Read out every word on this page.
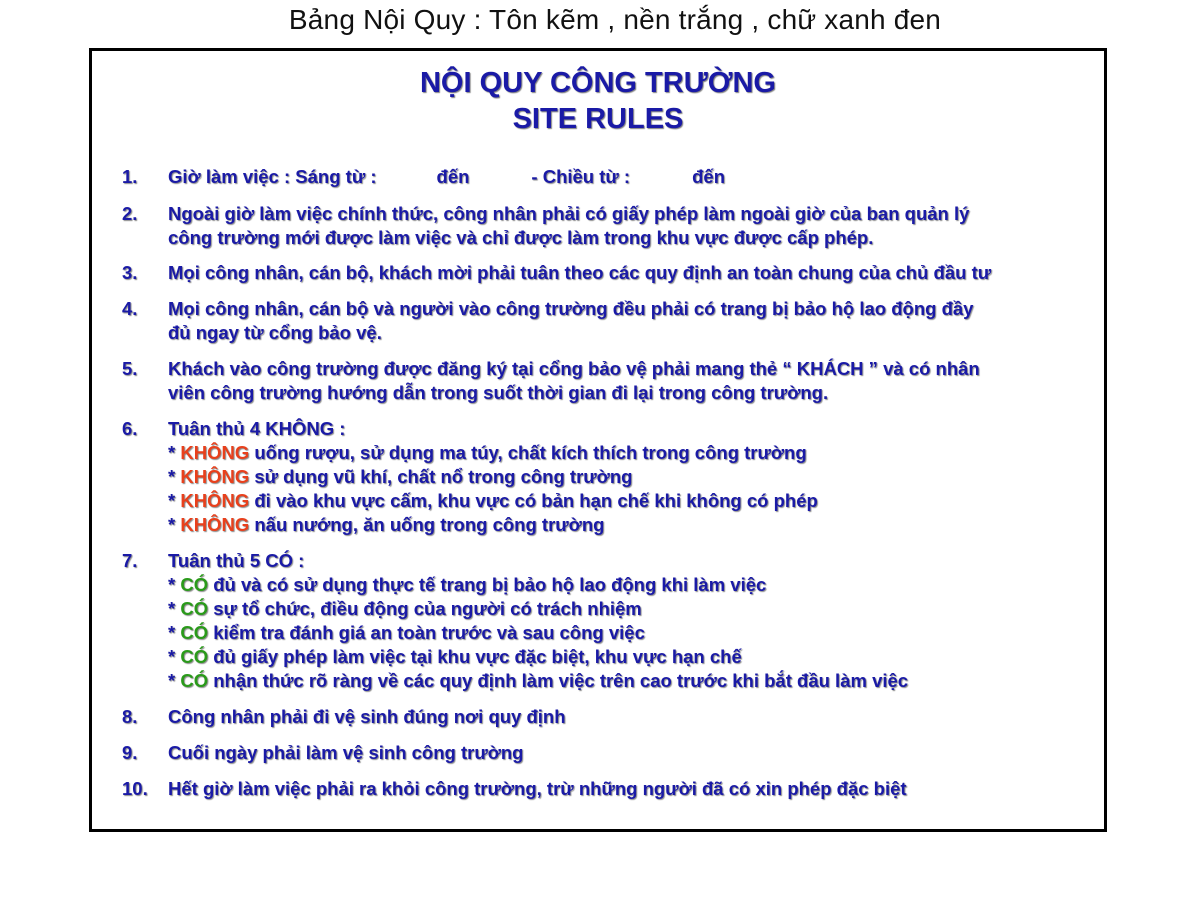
Bảng Nội Quy : Tôn kẽm , nền trắng , chữ xanh đen
NỘI QUY CÔNG TRƯỜNG
SITE RULES
1. Giờ làm việc : Sáng từ :	đến	- Chiều từ :	đến
2. Ngoài giờ làm việc chính thức, công nhân phải có giấy phép làm ngoài giờ của ban quản lý
công trường mới được làm việc và chỉ được làm trong khu vực được cấp phép.
3. Mọi công nhân, cán bộ, khách mời phải tuân theo các quy định an toàn chung của chủ đầu tư
4. Mọi công nhân, cán bộ và người vào công trường đều phải có trang bị bảo hộ lao động đầy
đủ ngay từ cổng bảo vệ.
5. Khách vào công trường được đăng ký tại cổng bảo vệ phải mang thẻ “ KHÁCH ” và có nhân
viên công trường hướng dẫn trong suốt thời gian đi lại trong công trường.
6. Tuân thủ 4 KHÔNG :
* KHÔNG uống rượu, sử dụng ma túy, chất kích thích trong công trường
* KHÔNG sử dụng vũ khí, chất nổ trong công trường
* KHÔNG đi vào khu vực cấm, khu vực có bản hạn chế khi không có phép
* KHÔNG nấu nướng, ăn uống trong công trường
7. Tuân thủ 5 CÓ :
* CÓ đủ và có sử dụng thực tế trang bị bảo hộ lao động khi làm việc
* CÓ sự tổ chức, điều động của người có trách nhiệm
* CÓ kiểm tra đánh giá an toàn trước và sau công việc
* CÓ đủ giấy phép làm việc tại khu vực đặc biệt, khu vực hạn chế
* CÓ nhận thức rõ ràng về các quy định làm việc trên cao trước khi bắt đầu làm việc
8. Công nhân phải đi vệ sinh đúng nơi quy định
9. Cuối ngày phải làm vệ sinh công trường
10. Hết giờ làm việc phải ra khỏi công trường, trừ những người đã có xin phép đặc biệt
